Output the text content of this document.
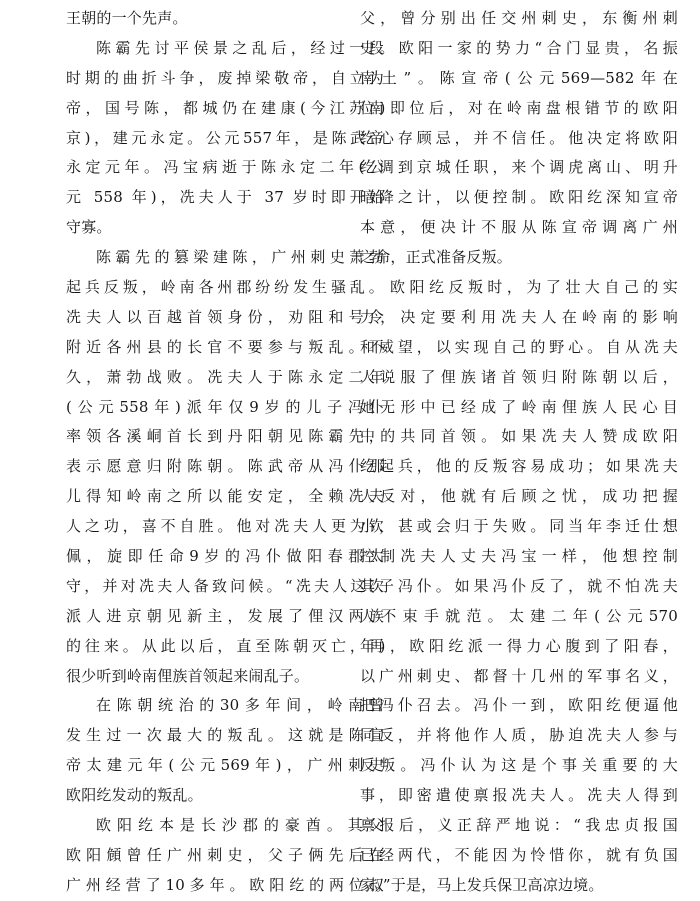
王朝的一个先声。
陈霸先讨平侯景之乱后，经过一段
时期的曲折斗争，废掉梁敬帝，自立为
帝，国号陈，都城仍在建康(今江苏南
京)，建元永定。公元557年，是陈武帝
永定元年。冯宝病逝于陈永定二年(公
元 558 年)，冼夫人于 37 岁时即开始
守寡。
陈霸先的篡梁建陈，广州刺史萧勃
起兵反叛，岭南各州郡纷纷发生骚乱。
冼夫人以百越首领身份，劝阻和号令
附近各州县的长官不要参与叛乱。不
久，萧勃战败。冼夫人于陈永定二年
(公元558年)派年仅9岁的儿子冯仆
率领各溪峒首长到丹阳朝见陈霸先，
表示愿意归附陈朝。陈武帝从冯仆那
儿得知岭南之所以能安定，全赖冼夫
人之功，喜不自胜。他对冼夫人更为钦
佩，旋即任命9岁的冯仆做阳春郡太
守，并对冼夫人备致问候。“冼夫人这次
派人进京朝见新主，发展了俚汉两族
的往来。从此以后，直至陈朝灭亡，再
很少听到岭南俚族首领起来闹乱子。
在陈朝统治的30多年间，岭南曾
发生过一次最大的叛乱。这就是陈宣
帝太建元年(公元569年)，广州刺史
欧阳纥发动的叛乱。
欧阳纥本是长沙郡的豪酋。其父
欧阳頠曾任广州刺史，父子俩先后在
广州经营了10多年。欧阳纥的两位叔
父，曾分别出任交州刺史，东衡州刺
史。欧阳一家的势力“合门显贵，名振
南土”。陈宣帝(公元569—582年在
位)即位后，对在岭南盘根错节的欧阳
纥心存顾忌，并不信任。他决定将欧阳
纥调到京城任职，来个调虎离山、明升
暗降之计，以便控制。欧阳纥深知宣帝
本意，便决计不服从陈宣帝调离广州
之命，正式准备反叛。
欧阳纥反叛时，为了壮大自己的实
力，决定要利用冼夫人在岭南的影响
和威望，以实现自己的野心。自从冼夫
人说服了俚族诸首领归附陈朝以后，
她无形中已经成了岭南俚族人民心目
中的共同首领。如果冼夫人赞成欧阳
纥起兵，他的反叛容易成功；如果冼夫
人反对，他就有后顾之忧，成功把握
小，甚或会归于失败。同当年李迁仕想
控制冼夫人丈夫冯宝一样，他想控制
其子冯仆。如果冯仆反了，就不怕冼夫
人不束手就范。太建二年(公元570
年)，欧阳纥派一得力心腹到了阳春，
以广州刺史、都督十几州的军事名义，
把冯仆召去。冯仆一到，欧阳纥便逼他
同反，并将他作人质，胁迫冼夫人参与
反叛。冯仆认为这是个事关重要的大
事，即密遣使禀报冼夫人。冼夫人得到
禀报后，义正辞严地说：“我忠贞报国
已经两代，不能因为怜惜你，就有负国
家。”于是，马上发兵保卫高凉边境。
